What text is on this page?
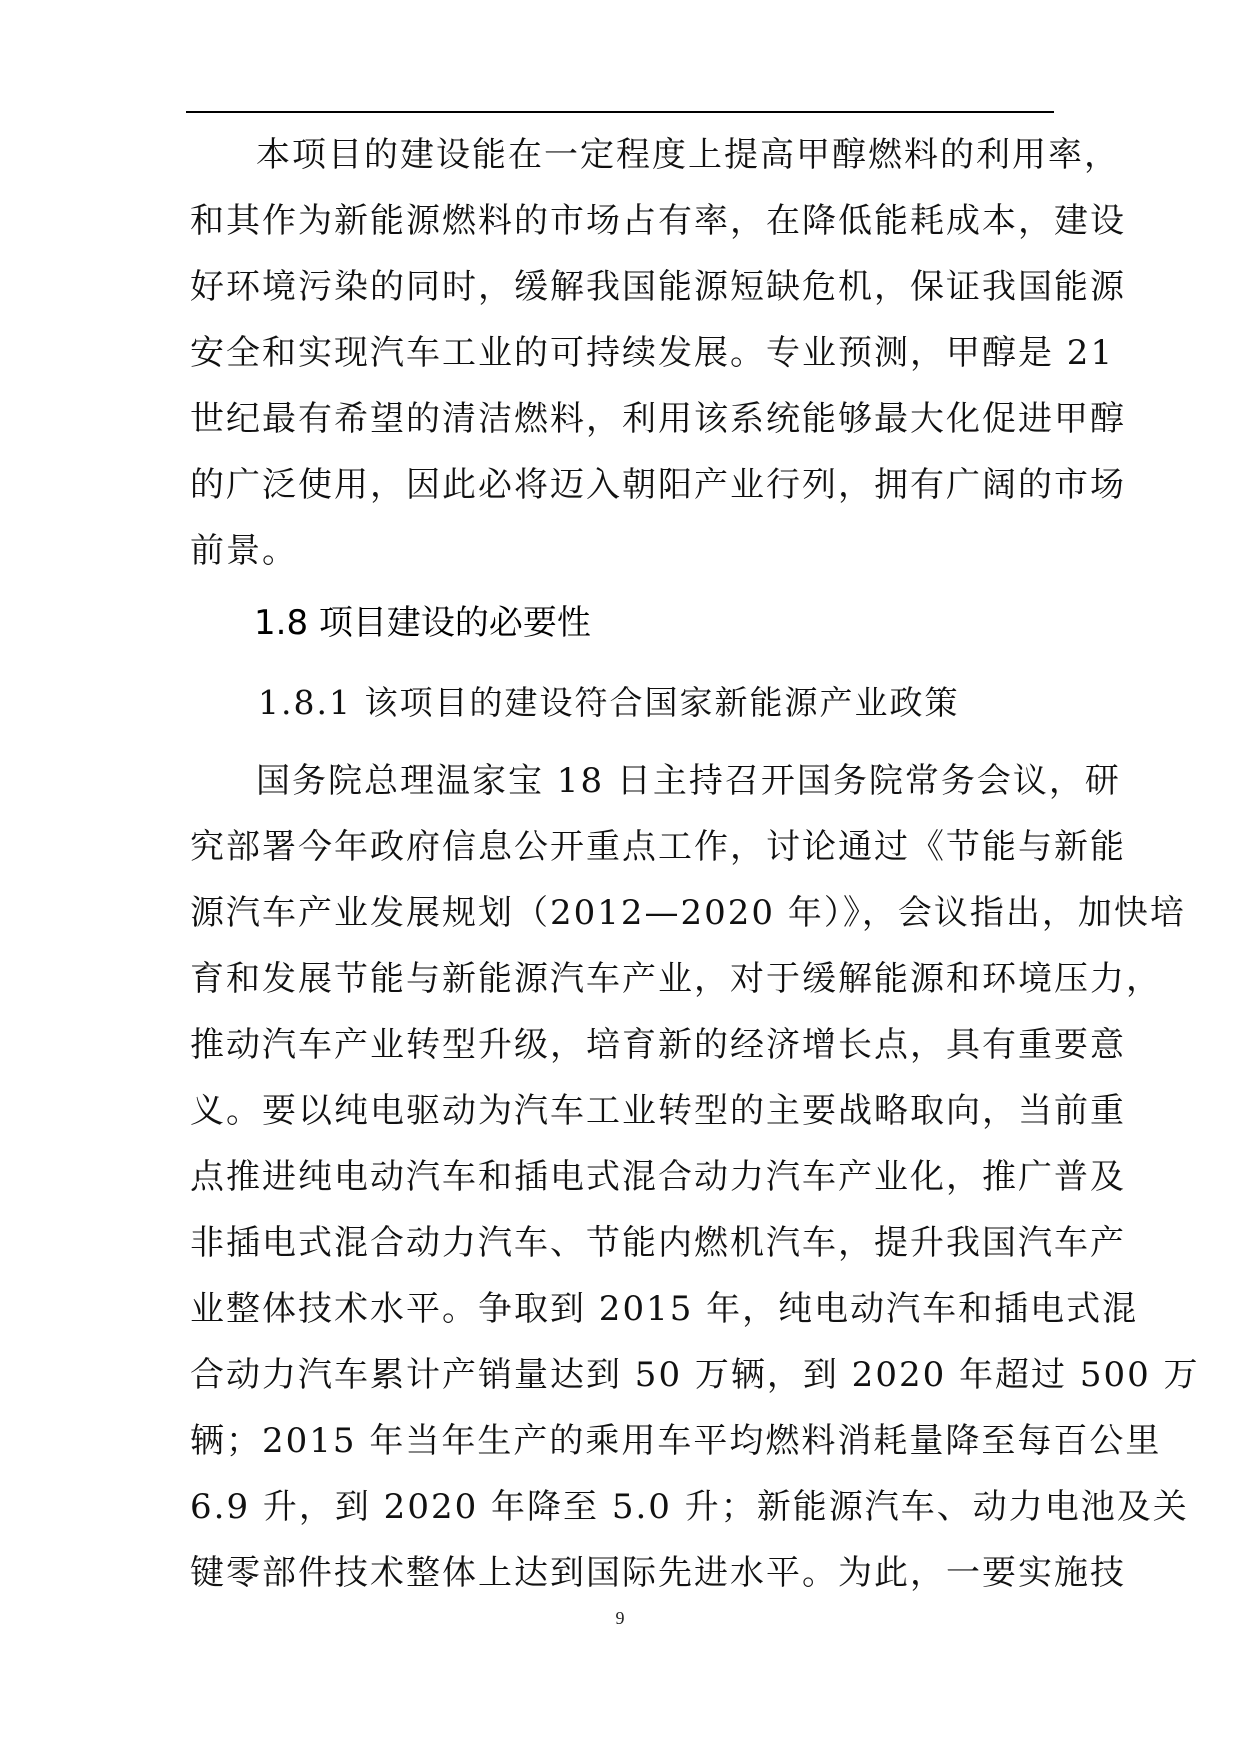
本项目的建设能在一定程度上提高甲醇燃料的利用率，
和其作为新能源燃料的市场占有率，在降低能耗成本，建设
好环境污染的同时，缓解我国能源短缺危机，保证我国能源
安全和实现汽车工业的可持续发展。专业预测，甲醇是 21
世纪最有希望的清洁燃料，利用该系统能够最大化促进甲醇
的广泛使用，因此必将迈入朝阳产业行列，拥有广阔的市场
前景。
1.8 项目建设的必要性
1.8.1 该项目的建设符合国家新能源产业政策
国务院总理温家宝 18 日主持召开国务院常务会议，研
究部署今年政府信息公开重点工作，讨论通过《节能与新能
源汽车产业发展规划（2012—2020 年）》，会议指出，加快培
育和发展节能与新能源汽车产业，对于缓解能源和环境压力，
推动汽车产业转型升级，培育新的经济增长点，具有重要意
义。要以纯电驱动为汽车工业转型的主要战略取向，当前重
点推进纯电动汽车和插电式混合动力汽车产业化，推广普及
非插电式混合动力汽车、节能内燃机汽车，提升我国汽车产
业整体技术水平。争取到 2015 年，纯电动汽车和插电式混
合动力汽车累计产销量达到 50 万辆，到 2020 年超过 500 万
辆；2015 年当年生产的乘用车平均燃料消耗量降至每百公里
6.9 升，到 2020 年降至 5.0 升；新能源汽车、动力电池及关
键零部件技术整体上达到国际先进水平。为此，一要实施技
9
